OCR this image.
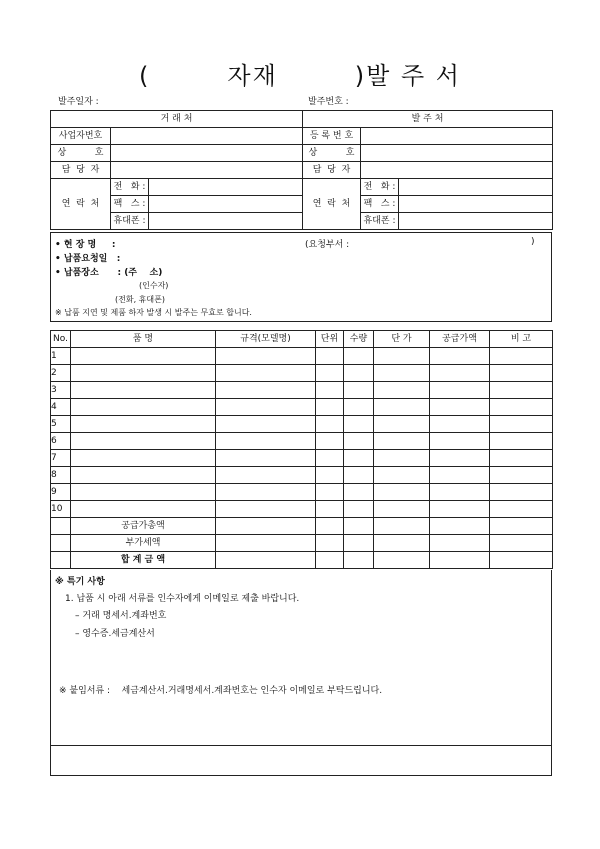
(        자재        )발 주 서
발주일자 :	발주번호 :
거 래 처			발 주 처		
사업자번호			등 록 번 호		
상          호			상          호		
담  당  자			담  당  자		
연  락  처	전   화 :		연  락  처	전   화 :	
	팩   스 :			팩   스 :	
	휴대폰 :			휴대폰 :	
• 현 장 명     :	(요청부서 :	)
• 납품요청일   :
• 납품장소      : (주    소)
(인수자)
(전화, 휴대폰)
※ 납품 지연 및 제품 하자 발생 시 발주는 무효로 합니다.
No.	품 명	규격(모델명)	단위	수량	단 가	공급가액	비 고
1							
2							
3							
4							
5							
6							
7							
8							
9							
10							
	공급가총액						
	부가세액						
	합 계 금 액						
※ 특기 사항
1. 납품 시 아래 서류를 인수자에게 이메일로 제출 바랍니다.
– 거래 명세서.계좌번호
– 영수증.세금계산서
※ 붙임서류 :    세금계산서.거래명세서.계좌번호는 인수자 이메일로 부탁드립니다.
